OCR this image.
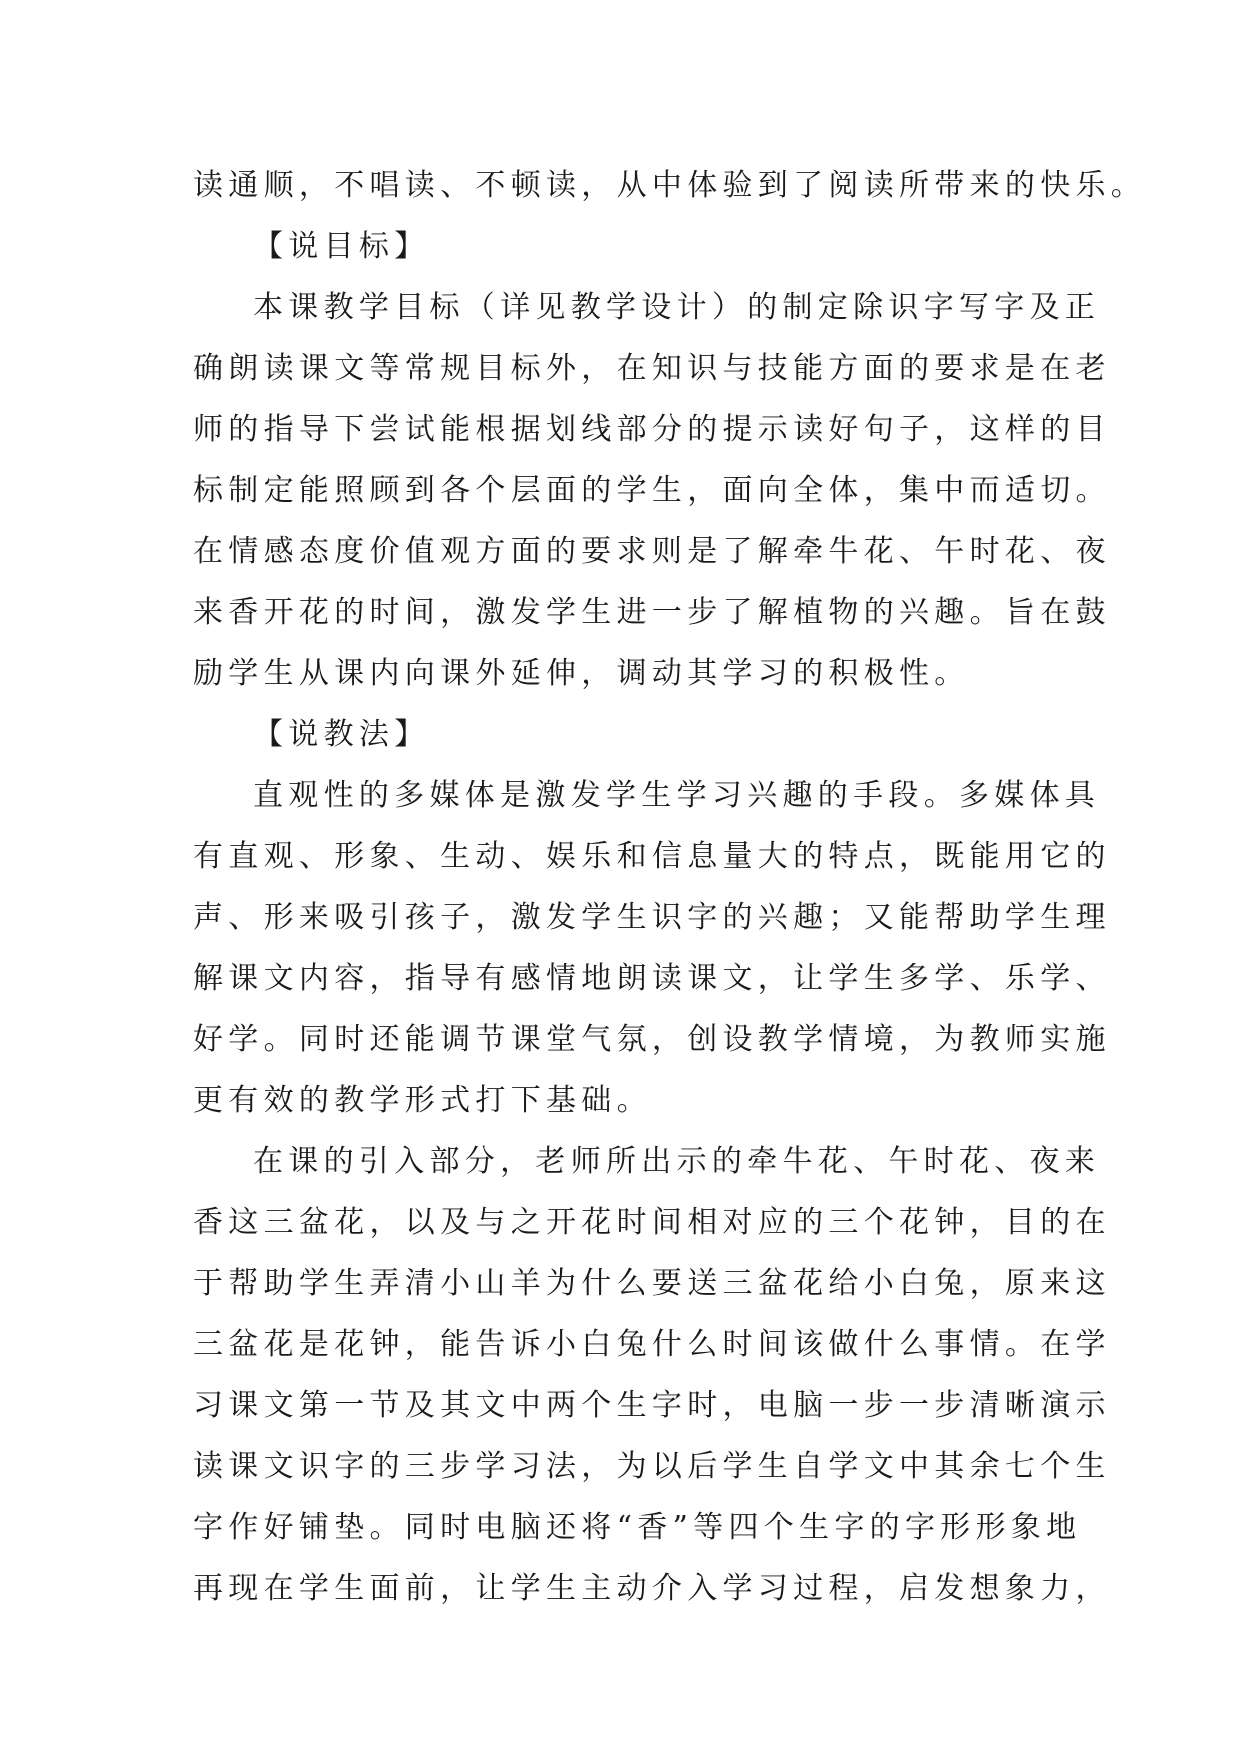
读通顺，不唱读、不顿读，从中体验到了阅读所带来的快乐。
【说目标】
本课教学目标（详见教学设计）的制定除识字写字及正
确朗读课文等常规目标外，在知识与技能方面的要求是在老
师的指导下尝试能根据划线部分的提示读好句子，这样的目
标制定能照顾到各个层面的学生，面向全体，集中而适切。
在情感态度价值观方面的要求则是了解牵牛花、午时花、夜
来香开花的时间，激发学生进一步了解植物的兴趣。旨在鼓
励学生从课内向课外延伸，调动其学习的积极性。
【说教法】
直观性的多媒体是激发学生学习兴趣的手段。多媒体具
有直观、形象、生动、娱乐和信息量大的特点，既能用它的
声、形来吸引孩子，激发学生识字的兴趣；又能帮助学生理
解课文内容，指导有感情地朗读课文，让学生多学、乐学、
好学。同时还能调节课堂气氛，创设教学情境，为教师实施
更有效的教学形式打下基础。
在课的引入部分，老师所出示的牵牛花、午时花、夜来
香这三盆花，以及与之开花时间相对应的三个花钟，目的在
于帮助学生弄清小山羊为什么要送三盆花给小白兔，原来这
三盆花是花钟，能告诉小白兔什么时间该做什么事情。在学
习课文第一节及其文中两个生字时，电脑一步一步清晰演示
读课文识字的三步学习法，为以后学生自学文中其余七个生
字作好铺垫。同时电脑还将“香”等四个生字的字形形象地
再现在学生面前，让学生主动介入学习过程，启发想象力，
